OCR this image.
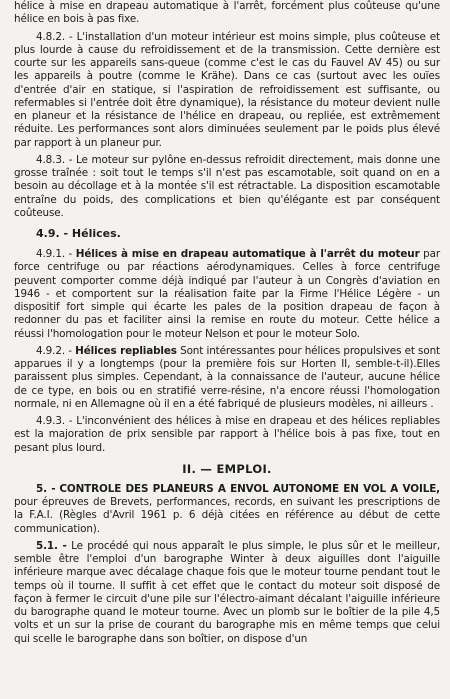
hélice à mise en drapeau automatique à l'arrêt, forcément plus coûteuse qu'une hélice en bois à pas fixe.

4.8.2. - L'installation d'un moteur intérieur est moins simple, plus coûteuse et plus lourde à cause du refroidissement et de la transmission. Cette dernière est courte sur les appareils sans-queue (comme c'est le cas du Fauvel AV 45) ou sur les appareils à poutre (comme le Krähe). Dans ce cas (surtout avec les ouïes d'entrée d'air en statique, si l'aspiration de refroidissement est suffisante, ou refermables si l'entrée doit être dynamique), la résistance du moteur devient nulle en planeur et la résistance de l'hélice en drapeau, ou repliée, est extrêmement réduite. Les performances sont alors diminuées seulement par le poids plus élevé par rapport à un planeur pur.

4.8.3. - Le moteur sur pylône en-dessus refroidit directement, mais donne une grosse traînée : soit tout le temps s'il n'est pas escamotable, soit quand on en a besoin au décollage et à la montée s'il est rétractable. La disposition escamotable entraîne du poids, des complications et bien qu'élégante est par conséquent coûteuse.

4.9. - Hélices.

4.9.1. - Hélices à mise en drapeau automatique à l'arrêt du moteur par force centrifuge ou par réactions aérodynamiques. Celles à force centrifuge peuvent comporter comme déjà indiqué par l'auteur à un Congrès d'aviation en 1946 - et comportent sur la réalisation faite par la Firme l'Hélice Légère - un dispositif fort simple qui écarte les pales de la position drapeau de façon à redonner du pas et faciliter ainsi la remise en route du moteur. Cette hélice a réussi l'homologation pour le moteur Nelson et pour le moteur Solo.

4.9.2. - Hélices repliables Sont intéressantes pour hélices propulsives et sont apparues il y a longtemps (pour la première fois sur Horten II, semble-t-il).Elles paraissent plus simples. Cependant, à la connaissance de l'auteur, aucune hélice de ce type, en bois ou en stratifié verre-résine, n'a encore réussi l'homologation normale, ni en Allemagne où il en a été fabriqué de plusieurs modèles, ni ailleurs .

4.9.3. - L'inconvénient des hélices à mise en drapeau et des hélices repliables est la majoration de prix sensible par rapport à l'hélice bois à pas fixe, tout en pesant plus lourd.

II. — EMPLOI.

5. - CONTROLE DES PLANEURS A ENVOL AUTONOME EN VOL A VOILE, pour épreuves de Brevets, performances, records, en suivant les prescriptions de la F.A.I. (Règles d'Avril 1961 p. 6 déjà citées en référence au début de cette communication).

5.1. - Le procédé qui nous apparaît le plus simple, le plus sûr et le meilleur, semble être l'emploi d'un barographe Winter à deux aiguilles dont l'aiguille inférieure marque avec décalage chaque fois que le moteur tourne pendant tout le temps où il tourne. Il suffit à cet effet que le contact du moteur soit disposé de façon à fermer le circuit d'une pile sur l'électro-aimant décalant l'aiguille inférieure du barographe quand le moteur tourne. Avec un plomb sur le boîtier de la pile 4,5 volts et un sur la prise de courant du barographe mis en même temps que celui qui scelle le barographe dans son boîtier, on dispose d'un
